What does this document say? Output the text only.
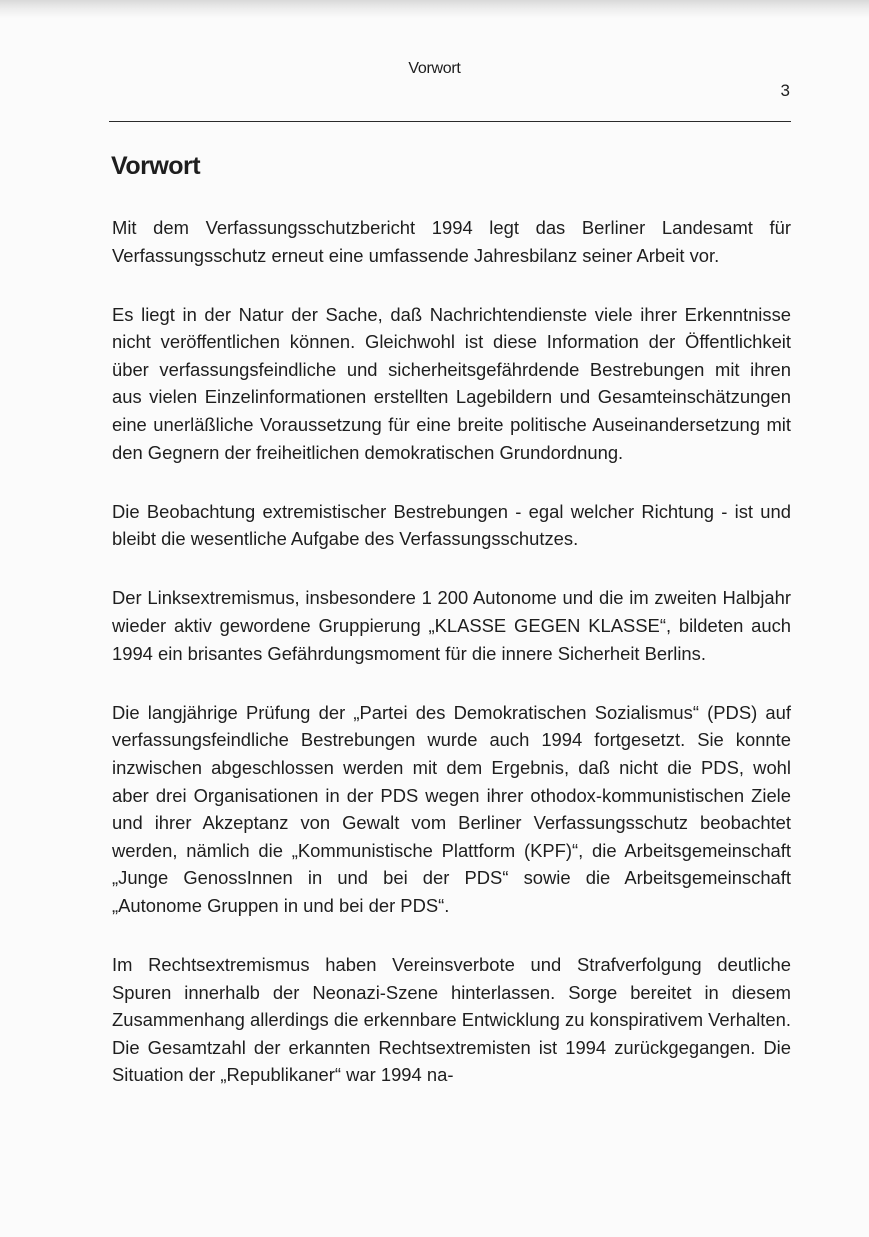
Vorwort
3
Vorwort

Mit dem Verfassungsschutzbericht 1994 legt das Berliner Landesamt für Verfassungsschutz erneut eine umfassende Jahresbilanz seiner Arbeit vor.

Es liegt in der Natur der Sache, daß Nachrichtendienste viele ihrer Erkenntnisse nicht veröffentlichen können. Gleichwohl ist diese Information der Öffentlichkeit über verfassungsfeindliche und sicherheitsgefährdende Bestrebungen mit ihren aus vielen Einzelinformationen erstellten Lagebildern und Gesamteinschätzungen eine unerläßliche Voraussetzung für eine breite politische Auseinandersetzung mit den Gegnern der freiheitlichen demokratischen Grundordnung.

Die Beobachtung extremistischer Bestrebungen - egal welcher Richtung - ist und bleibt die wesentliche Aufgabe des Verfassungsschutzes.

Der Linksextremismus, insbesondere 1 200 Autonome und die im zweiten Halbjahr wieder aktiv gewordene Gruppierung „KLASSE GEGEN KLASSE“, bildeten auch 1994 ein brisantes Gefährdungsmoment für die innere Sicherheit Berlins.

Die langjährige Prüfung der „Partei des Demokratischen Sozialismus“ (PDS) auf verfassungsfeindliche Bestrebungen wurde auch 1994 fortgesetzt. Sie konnte inzwischen abgeschlossen werden mit dem Ergebnis, daß nicht die PDS, wohl aber drei Organisationen in der PDS wegen ihrer othodox-kommunistischen Ziele und ihrer Akzeptanz von Gewalt vom Berliner Verfassungsschutz beobachtet werden, nämlich die „Kommunistische Plattform (KPF)“, die Arbeitsgemeinschaft „Junge GenossInnen in und bei der PDS“ sowie die Arbeitsgemeinschaft „Autonome Gruppen in und bei der PDS“.

Im Rechtsextremismus haben Vereinsverbote und Strafverfolgung deutliche Spuren innerhalb der Neonazi-Szene hinterlassen. Sorge bereitet in diesem Zusammenhang allerdings die erkennbare Entwicklung zu konspirativem Verhalten. Die Gesamtzahl der erkannten Rechtsextremisten ist 1994 zurückgegangen. Die Situation der „Republikaner“ war 1994 na-
